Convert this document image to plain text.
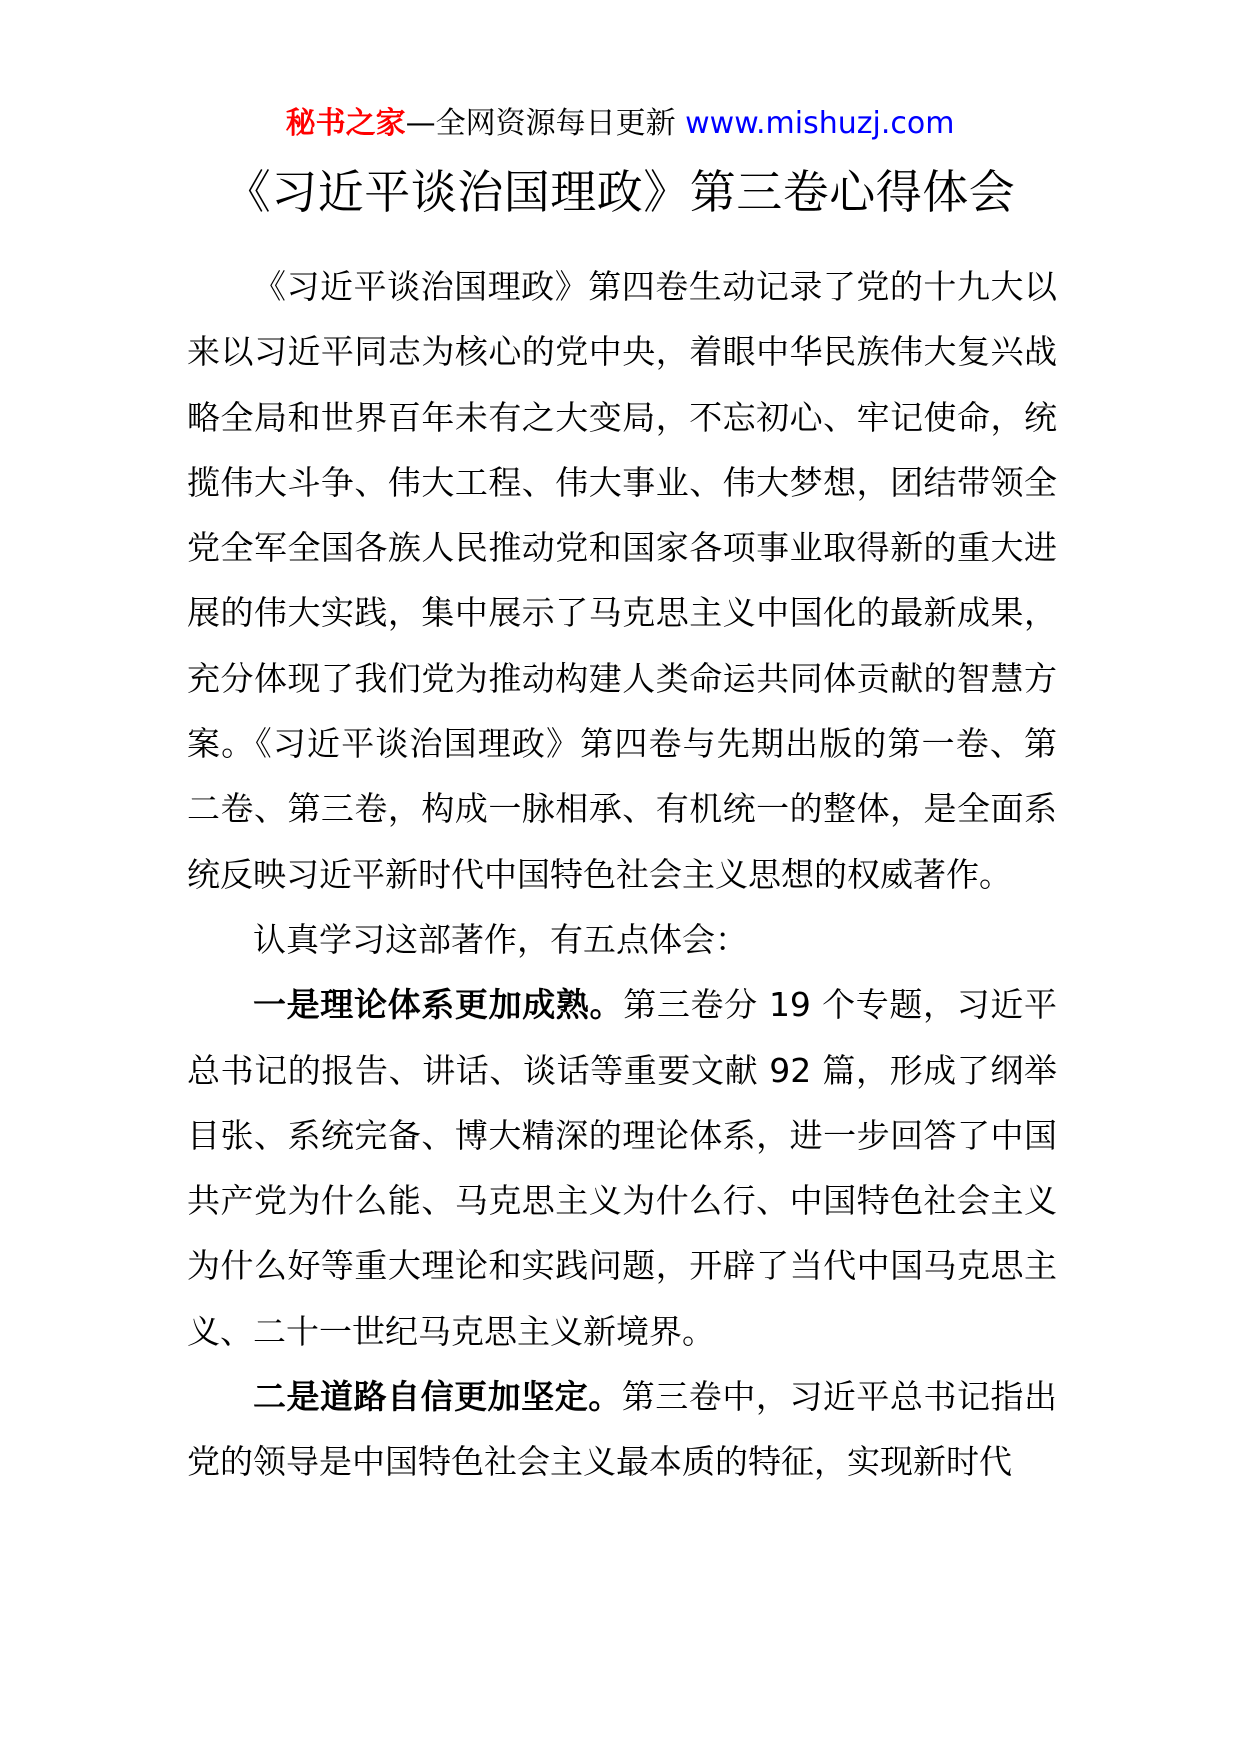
秘书之家—全网资源每日更新 www.mishuzj.com
《习近平谈治国理政》第三卷心得体会

《习近平谈治国理政》第四卷生动记录了党的十九大以来以习近平同志为核心的党中央，着眼中华民族伟大复兴战略全局和世界百年未有之大变局，不忘初心、牢记使命，统揽伟大斗争、伟大工程、伟大事业、伟大梦想，团结带领全党全军全国各族人民推动党和国家各项事业取得新的重大进展的伟大实践，集中展示了马克思主义中国化的最新成果，充分体现了我们党为推动构建人类命运共同体贡献的智慧方案。《习近平谈治国理政》第四卷与先期出版的第一卷、第二卷、第三卷，构成一脉相承、有机统一的整体，是全面系统反映习近平新时代中国特色社会主义思想的权威著作。

认真学习这部著作，有五点体会：

一是理论体系更加成熟。第三卷分 19 个专题，习近平总书记的报告、讲话、谈话等重要文献 92 篇，形成了纲举目张、系统完备、博大精深的理论体系，进一步回答了中国共产党为什么能、马克思主义为什么行、中国特色社会主义为什么好等重大理论和实践问题，开辟了当代中国马克思主义、二十一世纪马克思主义新境界。

二是道路自信更加坚定。第三卷中，习近平总书记指出党的领导是中国特色社会主义最本质的特征，实现新时代
